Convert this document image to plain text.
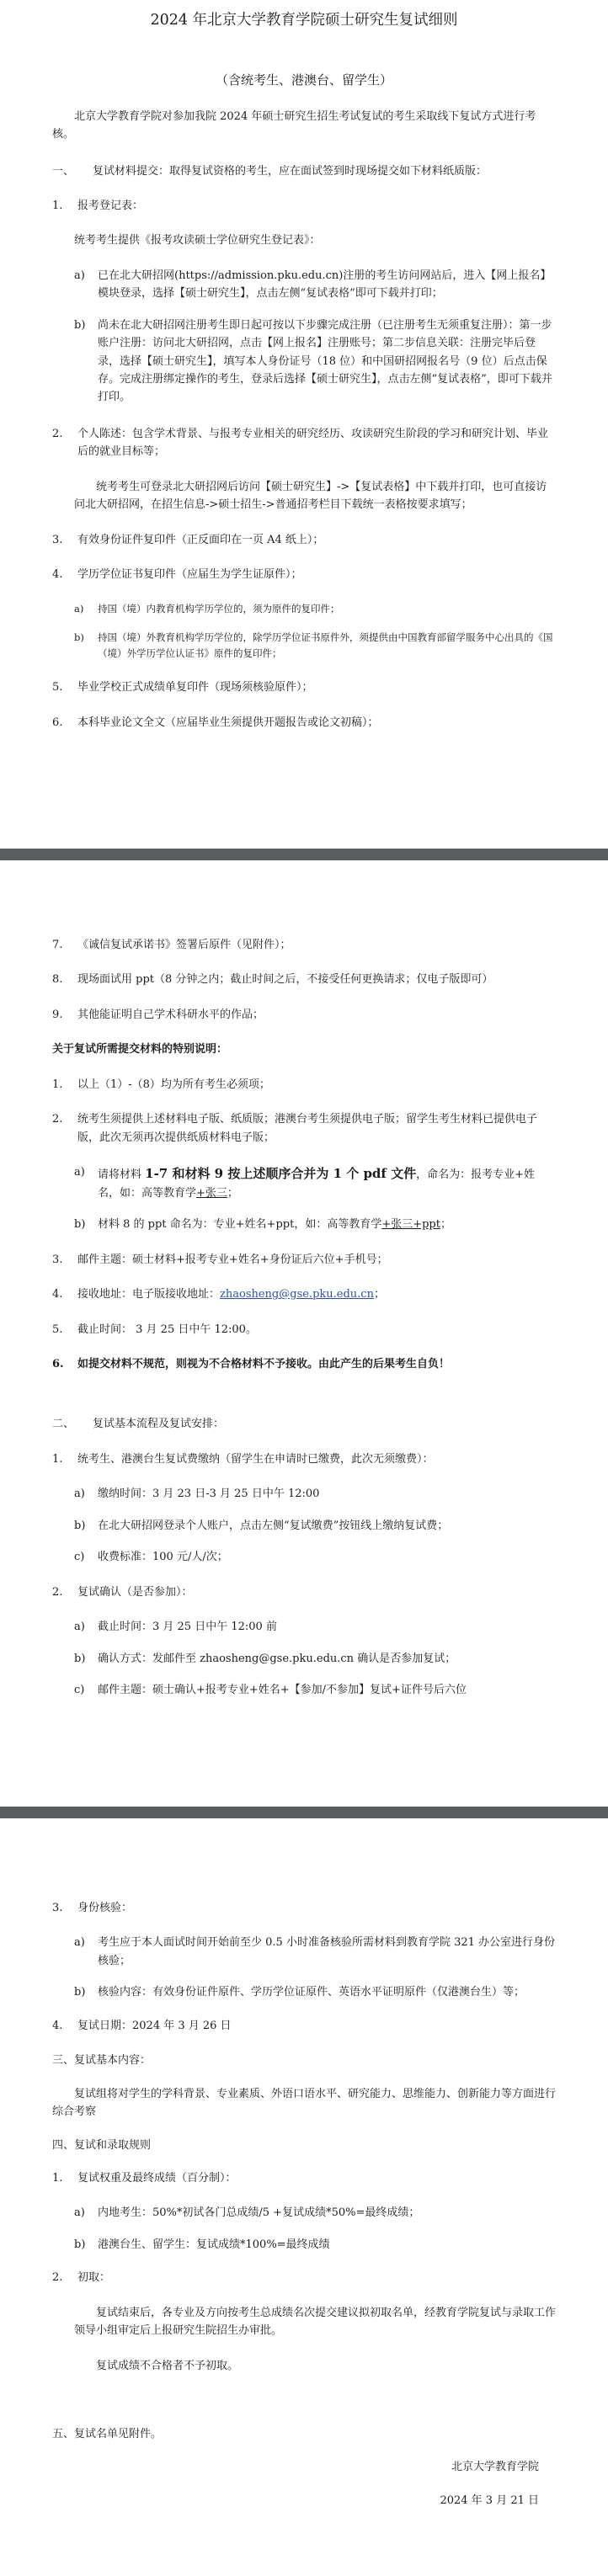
2024 年北京大学教育学院硕士研究生复试细则
（含统考生、港澳台、留学生）

北京大学教育学院对参加我院 2024 年硕士研究生招生考试复试的考生采取线下复试方式进行考核。

一、	复试材料提交：取得复试资格的考生，应在面试签到时现场提交如下材料纸质版：
1.	报考登记表：
统考考生提供《报考攻读硕士学位研究生登记表》：
a)	已在北大研招网(https://admission.pku.edu.cn)注册的考生访问网站后，进入【网上报名】模块登录，选择【硕士研究生】，点击左侧“复试表格”即可下载并打印；
b)	尚未在北大研招网注册考生即日起可按以下步骤完成注册（已注册考生无须重复注册）：第一步账户注册：访问北大研招网，点击【网上报名】注册账号；第二步信息关联：注册完毕后登录，选择【硕士研究生】，填写本人身份证号（18 位）和中国研招网报名号（9 位）后点击保存。完成注册绑定操作的考生，登录后选择【硕士研究生】，点击左侧“复试表格”，即可下载并打印。
2.	个人陈述：包含学术背景、与报考专业相关的研究经历、攻读研究生阶段的学习和研究计划、毕业后的就业目标等；
统考考生可登录北大研招网后访问【硕士研究生】->【复试表格】中下载并打印，也可直接访问北大研招网，在招生信息->硕士招生->普通招考栏目下载统一表格按要求填写；
3.	有效身份证件复印件（正反面印在一页 A4 纸上）；
4.	学历学位证书复印件（应届生为学生证原件）；
a)	持国（境）内教育机构学历学位的，须为原件的复印件；
b)	持国（境）外教育机构学历学位的，除学历学位证书原件外，须提供由中国教育部留学服务中心出具的《国（境）外学历学位认证书》原件的复印件；
5.	毕业学校正式成绩单复印件（现场须核验原件）；
6.	本科毕业论文全文（应届毕业生须提供开题报告或论文初稿）；
7.	《诚信复试承诺书》签署后原件（见附件）；
8.	现场面试用 ppt（8 分钟之内；截止时间之后，不接受任何更换请求；仅电子版即可）
9.	其他能证明自己学术科研水平的作品；

关于复试所需提交材料的特别说明：

1.	以上（1）-（8）均为所有考生必须项；
2.	统考生须提供上述材料电子版、纸质版；港澳台考生须提供电子版；留学生考生材料已提供电子版，此次无须再次提供纸质材料电子版；
a)	请将材料 1-7 和材料 9 按上述顺序合并为 1 个 pdf 文件，命名为：报考专业+姓名，如：高等教育学+张三；
b)	材料 8 的 ppt 命名为：专业+姓名+ppt，如：高等教育学+张三+ppt；
3.	邮件主题：硕士材料+报考专业+姓名+身份证后六位+手机号；
4.	接收地址：电子版接收地址：zhaosheng@gse.pku.edu.cn；
5.	截止时间： 3 月 25 日中午 12:00。
6.	如提交材料不规范，则视为不合格材料不予接收。由此产生的后果考生自负！
二、	复试基本流程及复试安排：
1.	统考生、港澳台生复试费缴纳（留学生在申请时已缴费，此次无须缴费）：
a)	缴纳时间：3 月 23 日-3 月 25 日中午 12:00
b)	在北大研招网登录个人账户，点击左侧“复试缴费”按钮线上缴纳复试费；
c)	收费标准：100 元/人/次；
2.	复试确认（是否参加）：
a)	截止时间：3 月 25 日中午 12:00 前
b)	确认方式：发邮件至 zhaosheng@gse.pku.edu.cn 确认是否参加复试；
c)	邮件主题：硕士确认+报考专业+姓名+【参加/不参加】复试+证件号后六位
3.	身份核验：
a)	考生应于本人面试时间开始前至少 0.5 小时准备核验所需材料到教育学院 321 办公室进行身份核验；
b)	核验内容：有效身份证件原件、学历学位证原件、英语水平证明原件（仅港澳台生）等；
4.	复试日期：2024 年 3 月 26 日

三、复试基本内容：

复试组将对学生的学科背景、专业素质、外语口语水平、研究能力、思维能力、创新能力等方面进行综合考察

四、复试和录取规则

1.	复试权重及最终成绩（百分制）：
a)	内地考生：50%*初试各门总成绩/5 +复试成绩*50%=最终成绩；
b)	港澳台生、留学生：复试成绩*100%=最终成绩
2.	初取：

复试结束后，各专业及方向按考生总成绩名次提交建议拟初取名单，经教育学院复试与录取工作领导小组审定后上报研究生院招生办审批。

复试成绩不合格者不予初取。

五、复试名单见附件。

北京大学教育学院

2024 年 3 月 21 日
